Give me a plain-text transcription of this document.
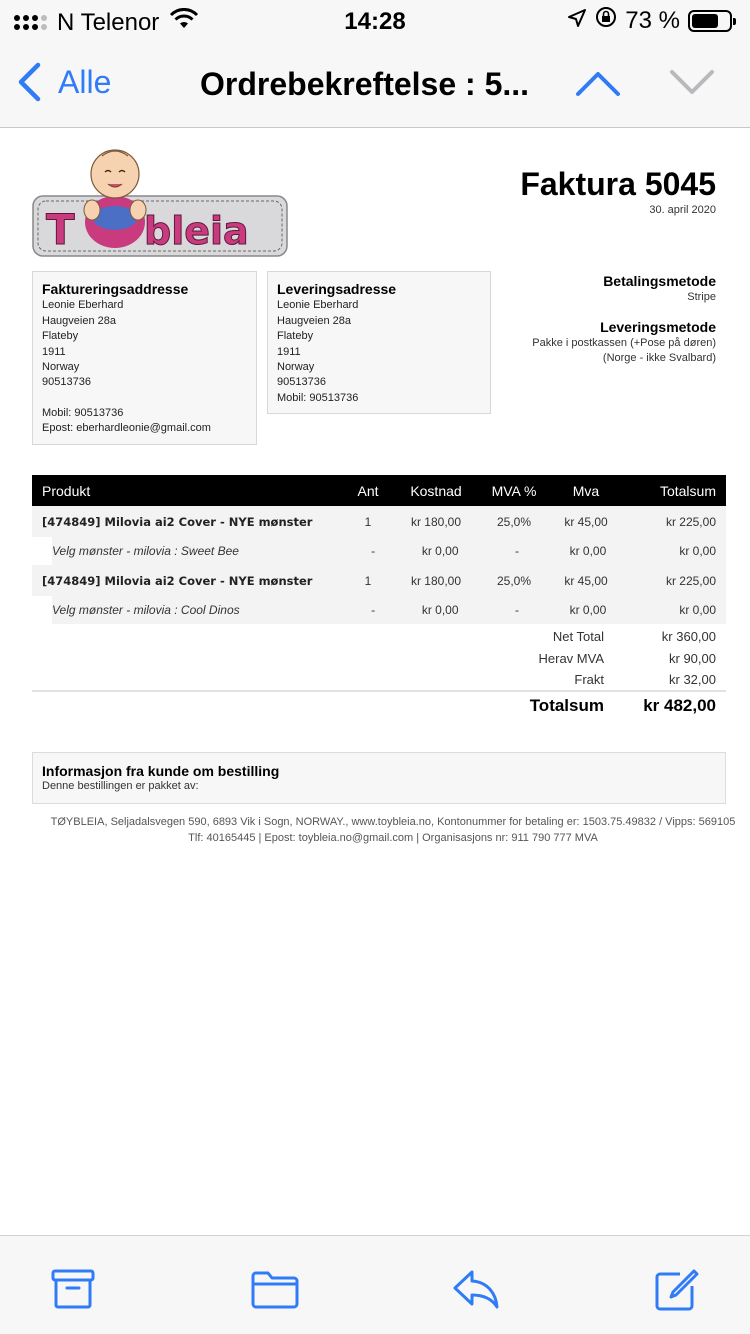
N Telenor	14:28	73 %
Alle	Ordrebekreftelse : 5...
T bleia
Faktura 5045
30. april 2020
Faktureringsaddresse
Leonie Eberhard
Haugveien 28a
Flateby
1911
Norway
90513736
Mobil: 90513736
Epost: eberhardleonie@gmail.com
Leveringsadresse
Leonie Eberhard
Haugveien 28a
Flateby
1911
Norway
90513736
Mobil: 90513736
Betalingsmetode
Stripe
Leveringsmetode
Pakke i postkassen (+Pose på døren)
(Norge - ikke Svalbard)
Produkt	Ant	Kostnad	MVA %	Mva	Totalsum
[474849] Milovia ai2 Cover - NYE mønster	1	kr 180,00	25,0%	kr 45,00	kr 225,00
Velg mønster - milovia : Sweet Bee	-	kr 0,00	-	kr 0,00	kr 0,00
[474849] Milovia ai2 Cover - NYE mønster	1	kr 180,00	25,0%	kr 45,00	kr 225,00
Velg mønster - milovia : Cool Dinos	-	kr 0,00	-	kr 0,00	kr 0,00
Net Total	kr 360,00
Herav MVA	kr 90,00
Frakt	kr 32,00
Totalsum	kr 482,00
Informasjon fra kunde om bestilling

Denne bestillingen er pakket av:

TØYBLEIA, Seljadalsvegen 590, 6893 Vik i Sogn, NORWAY., www.toybleia.no, Kontonummer for betaling er: 1503.75.49832 / Vipps: 569105
Tlf: 40165445 | Epost: toybleia.no@gmail.com | Organisasjons nr: 911 790 777 MVA
